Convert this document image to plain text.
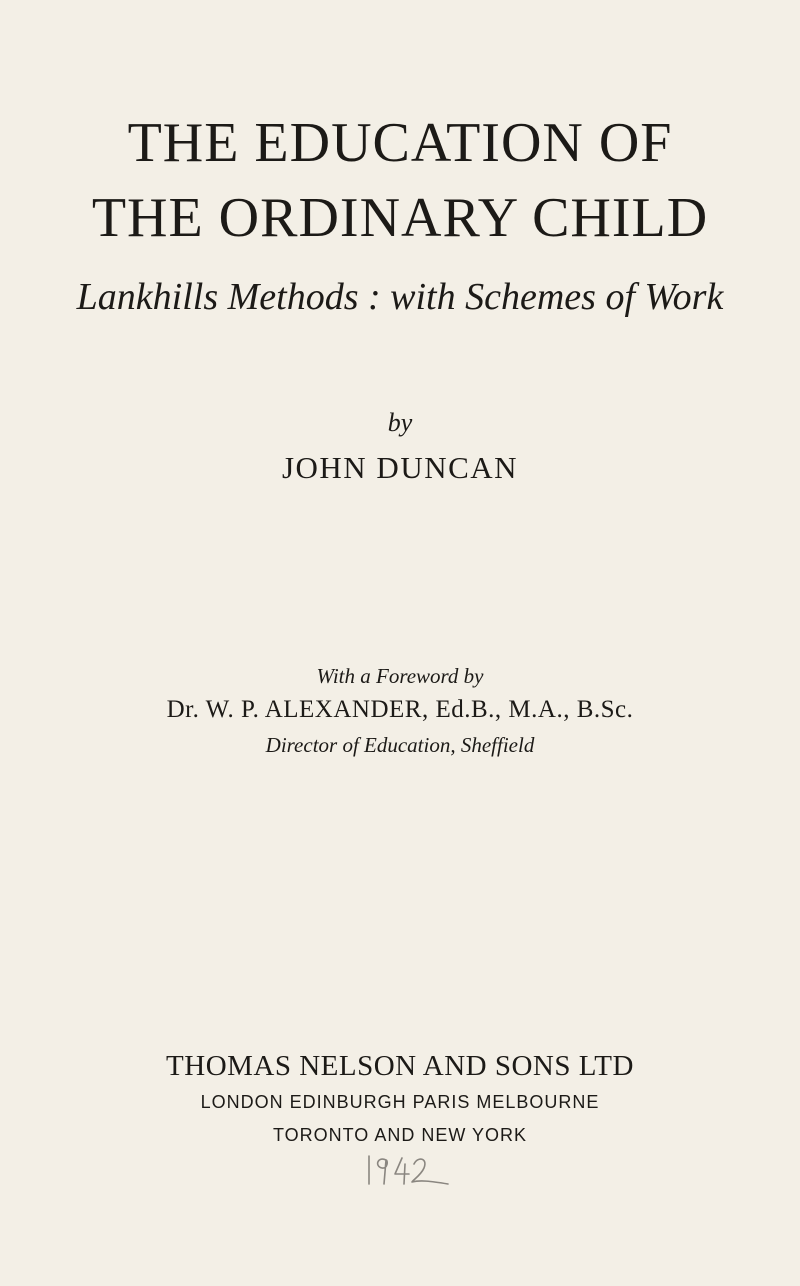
THE EDUCATION OF
THE ORDINARY CHILD
Lankhills Methods : with Schemes of Work
by
JOHN DUNCAN
With a Foreword by
Dr. W. P. ALEXANDER, Ed.B., M.A., B.Sc.
Director of Education, Sheffield
THOMAS NELSON AND SONS LTD
LONDON EDINBURGH PARIS MELBOURNE
TORONTO AND NEW YORK
